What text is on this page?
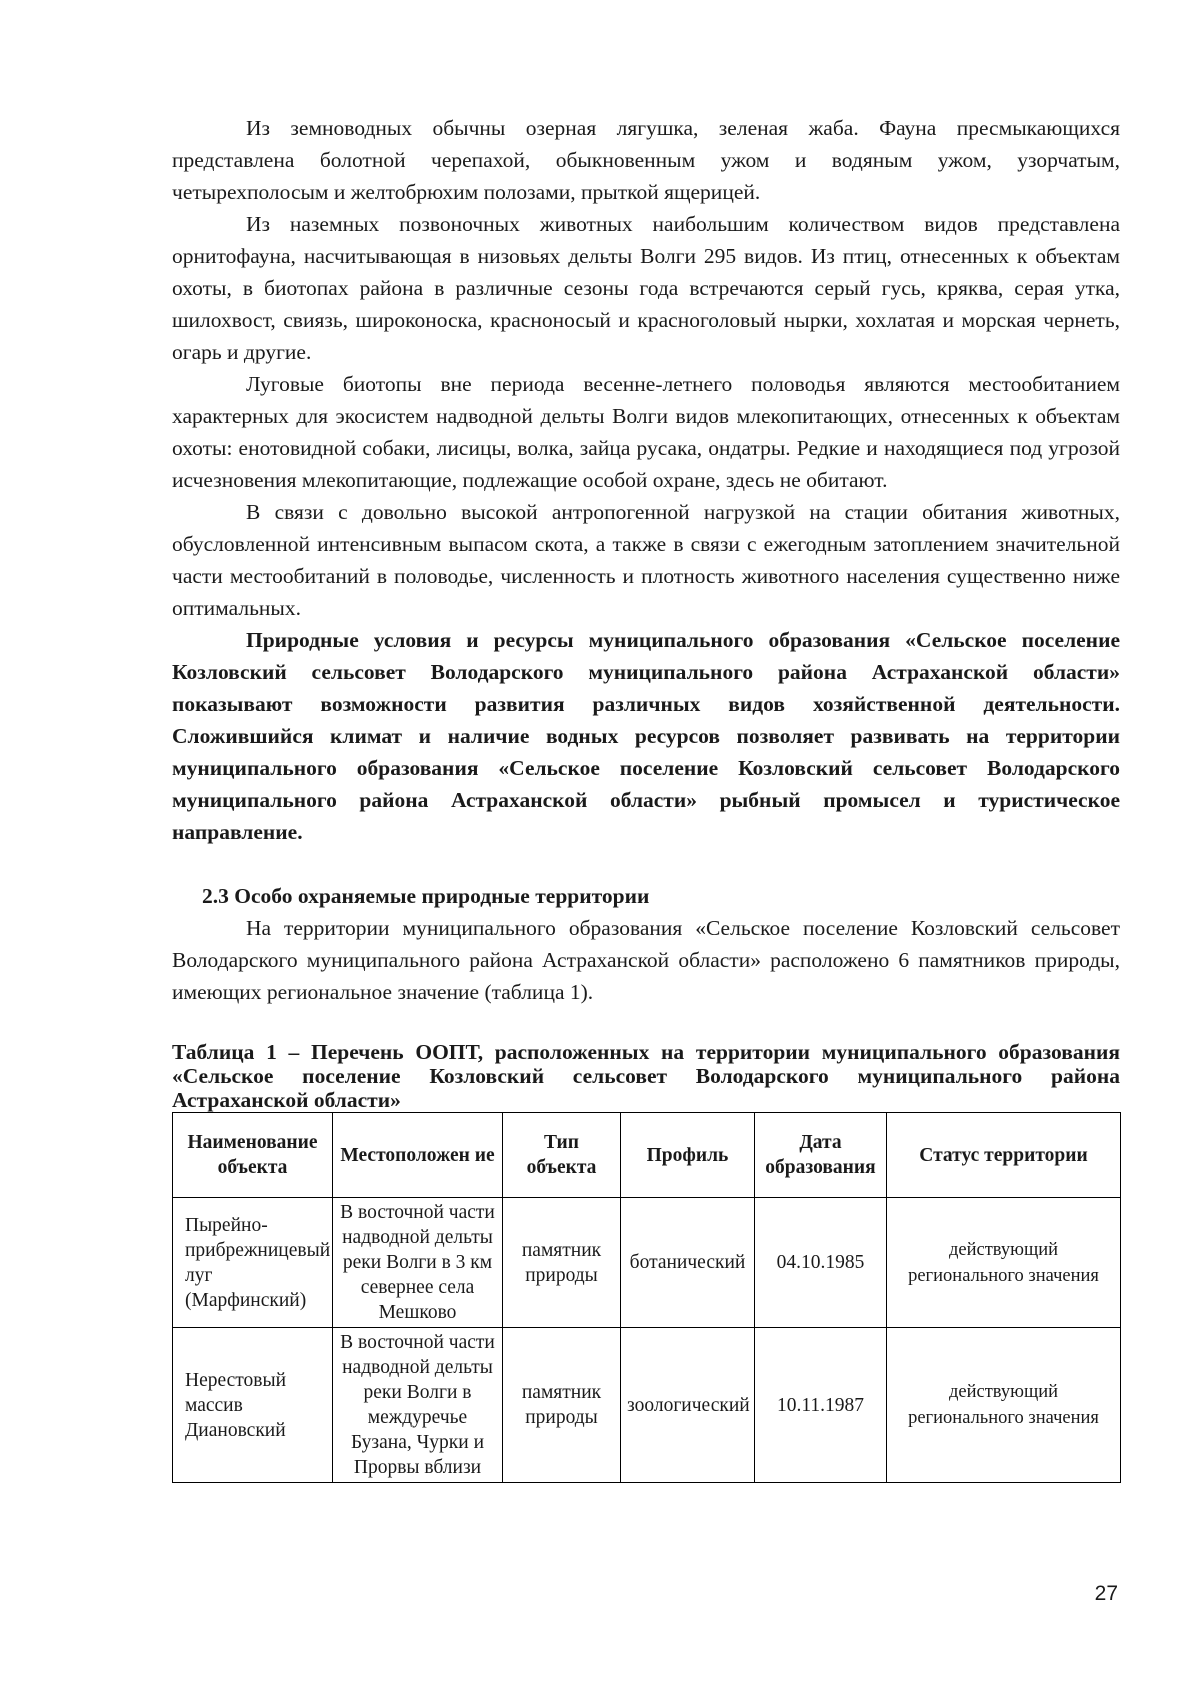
Из земноводных обычны озерная лягушка, зеленая жаба. Фауна пресмыкающихся представлена болотной черепахой, обыкновенным ужом и водяным ужом, узорчатым, четырехполосым и желтобрюхим полозами, прыткой ящерицей.

Из наземных позвоночных животных наибольшим количеством видов представлена орнитофауна, насчитывающая в низовьях дельты Волги 295 видов. Из птиц, отнесенных к объектам охоты, в биотопах района в различные сезоны года встречаются серый гусь, кряква, серая утка, шилохвост, свиязь, широконоска, красноносый и красноголовый нырки, хохлатая и морская чернеть, огарь и другие.

Луговые биотопы вне периода весенне-летнего половодья являются местообитанием характерных для экосистем надводной дельты Волги видов млекопитающих, отнесенных к объектам охоты: енотовидной собаки, лисицы, волка, зайца русака, ондатры. Редкие и находящиеся под угрозой исчезновения млекопитающие, подлежащие особой охране, здесь не обитают.

В связи с довольно высокой антропогенной нагрузкой на стации обитания животных, обусловленной интенсивным выпасом скота, а также в связи с ежегодным затоплением значительной части местообитаний в половодье, численность и плотность животного населения существенно ниже оптимальных.

Природные условия и ресурсы муниципального образования «Сельское поселение Козловский сельсовет Володарского муниципального района Астраханской области» показывают возможности развития различных видов хозяйственной деятельности. Сложившийся климат и наличие водных ресурсов позволяет развивать на территории муниципального образования «Сельское поселение Козловский сельсовет Володарского муниципального района Астраханской области» рыбный промысел и туристическое направление.

2.3 Особо охраняемые природные территории

На территории муниципального образования «Сельское поселение Козловский сельсовет Володарского муниципального района Астраханской области» расположено 6 памятников природы, имеющих региональное значение (таблица 1).

Таблица 1 – Перечень ООПТ, расположенных на территории муниципального образования «Сельское поселение Козловский сельсовет Володарского муниципального района Астраханской области»
Наименование объекта	Местоположен ие	Тип объекта	Профиль	Дата образования	Статус территории
Пырейно-прибрежницевый луг (Марфинский)	В восточной части надводной дельты реки Волги в 3 км севернее села Мешково	памятник природы	ботанический	04.10.1985	действующий регионального значения
Нерестовый массив Диановский	В восточной части надводной дельты реки Волги в междуречье Бузана, Чурки и Прорвы вблизи	памятник природы	зоологический	10.11.1987	действующий регионального значения
27
